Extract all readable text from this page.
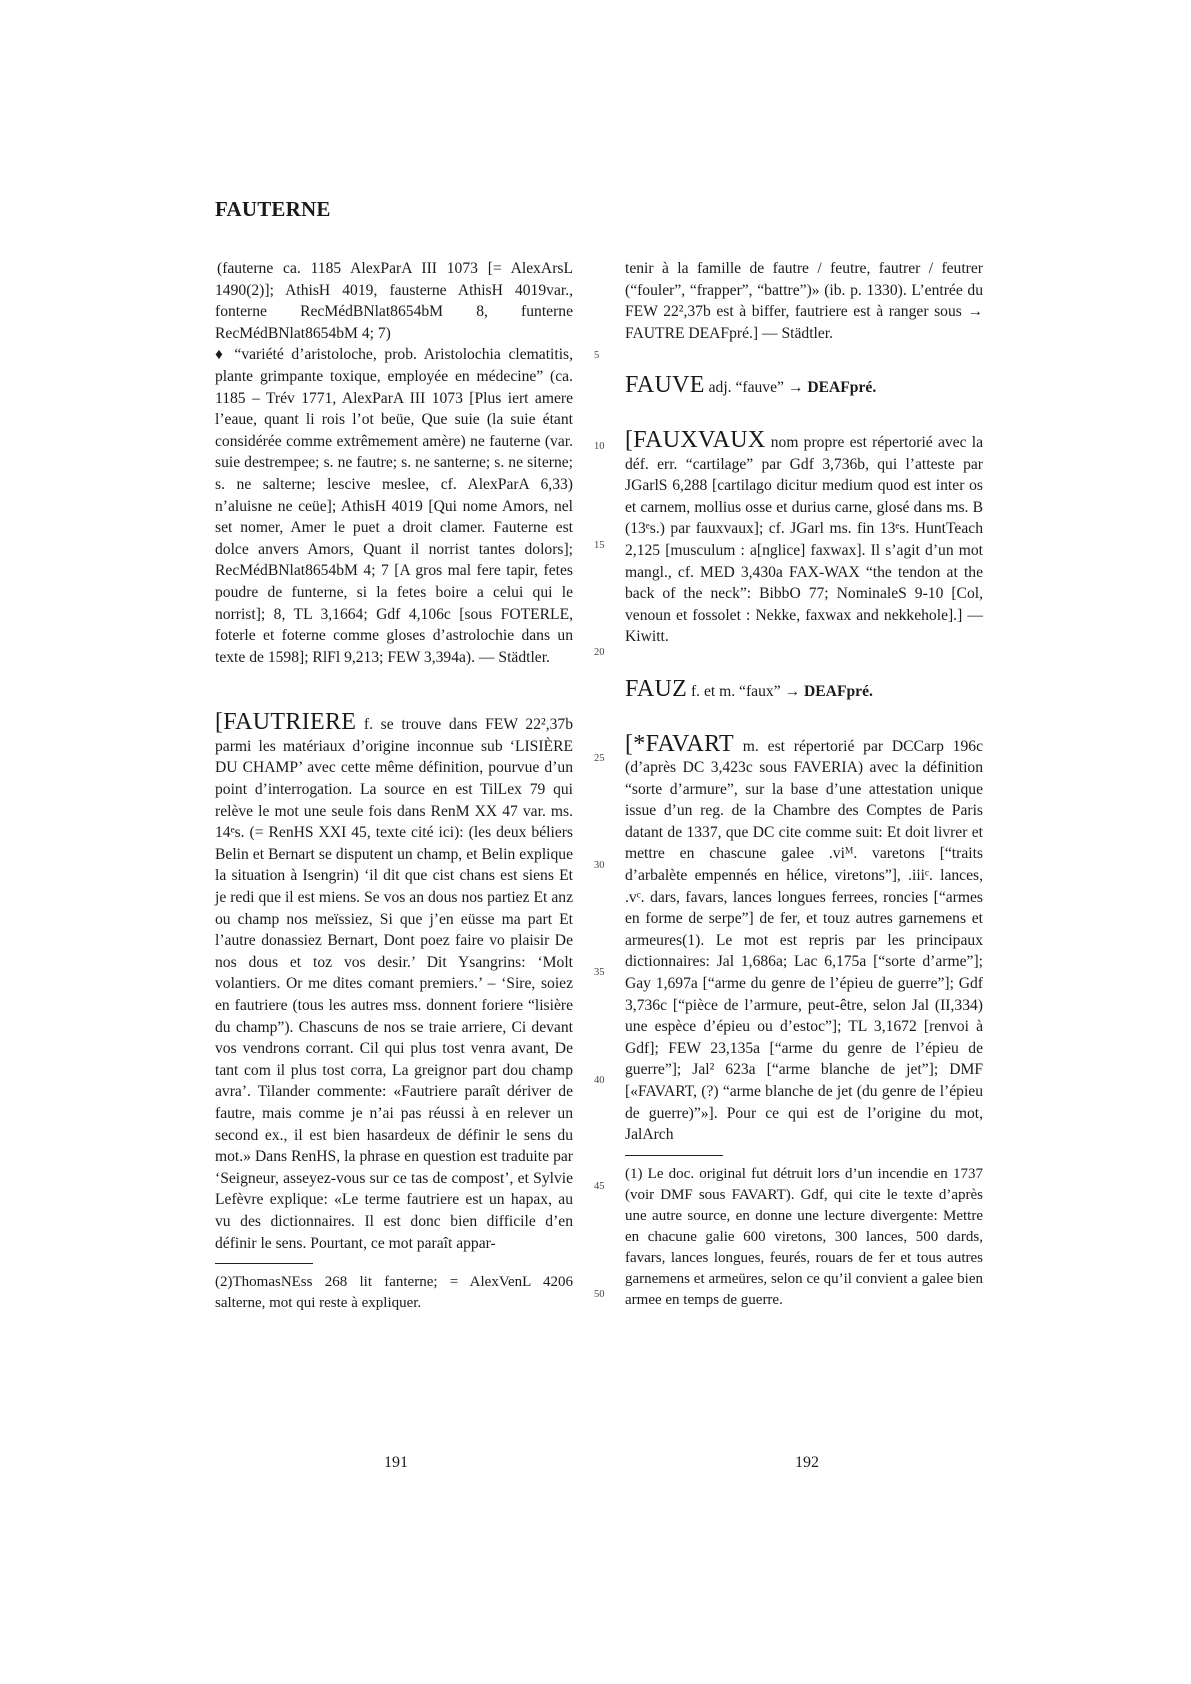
FAUTERNE

(fauterne ca. 1185 AlexParA III 1073 [= AlexArsL 1490(2)]; AthisH 4019, fausterne AthisH 4019var., fonterne RecMédBNlat8654bM 8, funterne RecMédBNlat8654bM 4; 7)

♦ “variété d’aristoloche, prob. Aristolochia clematitis, plante grimpante toxique, employée en médecine” (ca. 1185 – Trév 1771, AlexParA III 1073 [Plus iert amere l’eaue, quant li rois l’ot beüe, Que suie (la suie étant considérée comme extrêmement amère) ne fauterne (var. suie destrempee; s. ne fautre; s. ne santerne; s. ne siterne; s. ne salterne; lescive meslee, cf. AlexParA 6,33) n’aluisne ne ceüe]; AthisH 4019 [Qui nome Amors, nel set nomer, Amer le puet a droit clamer. Fauterne est dolce anvers Amors, Quant il norrist tantes dolors]; RecMédBNlat8654bM 4; 7 [A gros mal fere tapir, fetes poudre de funterne, si la fetes boire a celui qui le norrist]; 8, TL 3,1664; Gdf 4,106c [sous FOTERLE, foterle et foterne comme gloses d’astrolochie dans un texte de 1598]; RlFl 9,213; FEW 3,394a). — Städtler.

[FAUTRIERE f. se trouve dans FEW 22²,37b parmi les matériaux d’origine inconnue sub ‘LISIÈRE DU CHAMP’ avec cette même définition, pourvue d’un point d’interrogation. La source en est TilLex 79 qui relève le mot une seule fois dans RenM XX 47 var. ms. 14ᵉs. (= RenHS XXI 45, texte cité ici): (les deux béliers Belin et Bernart se disputent un champ, et Belin explique la situation à Isengrin) ‘il dit que cist chans est siens Et je redi que il est miens. Se vos an dous nos partiez Et anz ou champ nos meïssiez, Si que j’en eüsse ma part Et l’autre donassiez Bernart, Dont poez faire vo plaisir De nos dous et toz vos desir.’ Dit Ysangrins: ‘Molt volantiers. Or me dites comant premiers.’ – ‘Sire, soiez en fautriere (tous les autres mss. donnent foriere “lisière du champ”). Chascuns de nos se traie arriere, Ci devant vos vendrons corrant. Cil qui plus tost venra avant, De tant com il plus tost corra, La greignor part dou champ avra’. Tilander commente: «Fautriere paraît dériver de fautre, mais comme je n’ai pas réussi à en relever un second ex., il est bien hasardeux de définir le sens du mot.» Dans RenHS, la phrase en question est traduite par ‘Seigneur, asseyez-vous sur ce tas de compost’, et Sylvie Lefèvre explique: «Le terme fautriere est un hapax, au vu des dictionnaires. Il est donc bien difficile d’en définir le sens. Pourtant, ce mot paraît appar-

(2)ThomasNEss 268 lit fanterne; = AlexVenL 4206 salterne, mot qui reste à expliquer.

tenir à la famille de fautre / feutre, fautrer / feutrer (“fouler”, “frapper”, “battre”)» (ib. p. 1330). L’entrée du FEW 22²,37b est à biffer, fautriere est à ranger sous → FAUTRE DEAFpré.] — Städtler.

FAUVE adj. “fauve” → DEAFpré.

[FAUXVAUX nom propre est répertorié avec la déf. err. “cartilage” par Gdf 3,736b, qui l’atteste par JGarlS 6,288 [cartilago dicitur medium quod est inter os et carnem, mollius osse et durius carne, glosé dans ms. B (13ᵉs.) par fauxvaux]; cf. JGarl ms. fin 13ᵉs. HuntTeach 2,125 [musculum : a[nglice] faxwax]. Il s’agit d’un mot mangl., cf. MED 3,430a FAX-WAX “the tendon at the back of the neck”: BibbO 77; NominaleS 9-10 [Col, venoun et fossolet : Nekke, faxwax and nekkehole].] — Kiwitt.

FAUZ f. et m. “faux” → DEAFpré.

[*FAVART m. est répertorié par DCCarp 196c (d’après DC 3,423c sous FAVERIA) avec la définition “sorte d’armure”, sur la base d’une attestation unique issue d’un reg. de la Chambre des Comptes de Paris datant de 1337, que DC cite comme suit: Et doit livrer et mettre en chascune galee .viᴹ. varetons [“traits d’arbalète empennés en hélice, viretons”], .iiiᶜ. lances, .vᶜ. dars, favars, lances longues ferrees, roncies [“armes en forme de serpe”] de fer, et touz autres garnemens et armeures(1). Le mot est repris par les principaux dictionnaires: Jal 1,686a; Lac 6,175a [“sorte d’arme”]; Gay 1,697a [“arme du genre de l’épieu de guerre”]; Gdf 3,736c [“pièce de l’armure, peut-être, selon Jal (II,334) une espèce d’épieu ou d’estoc”]; TL 3,1672 [renvoi à Gdf]; FEW 23,135a [“arme du genre de l’épieu de guerre”]; Jal² 623a [“arme blanche de jet”]; DMF [«FAVART, (?) “arme blanche de jet (du genre de l’épieu de guerre)”»]. Pour ce qui est de l’origine du mot, JalArch

(1) Le doc. original fut détruit lors d’un incendie en 1737 (voir DMF sous FAVART). Gdf, qui cite le texte d’après une autre source, en donne une lecture divergente: Mettre en chacune galie 600 viretons, 300 lances, 500 dards, favars, lances longues, feurés, rouars de fer et tous autres garnemens et armeüres, selon ce qu’il convient a galee bien armee en temps de guerre.

5
10
15
20
25
30
35
40
45
50
191	192
